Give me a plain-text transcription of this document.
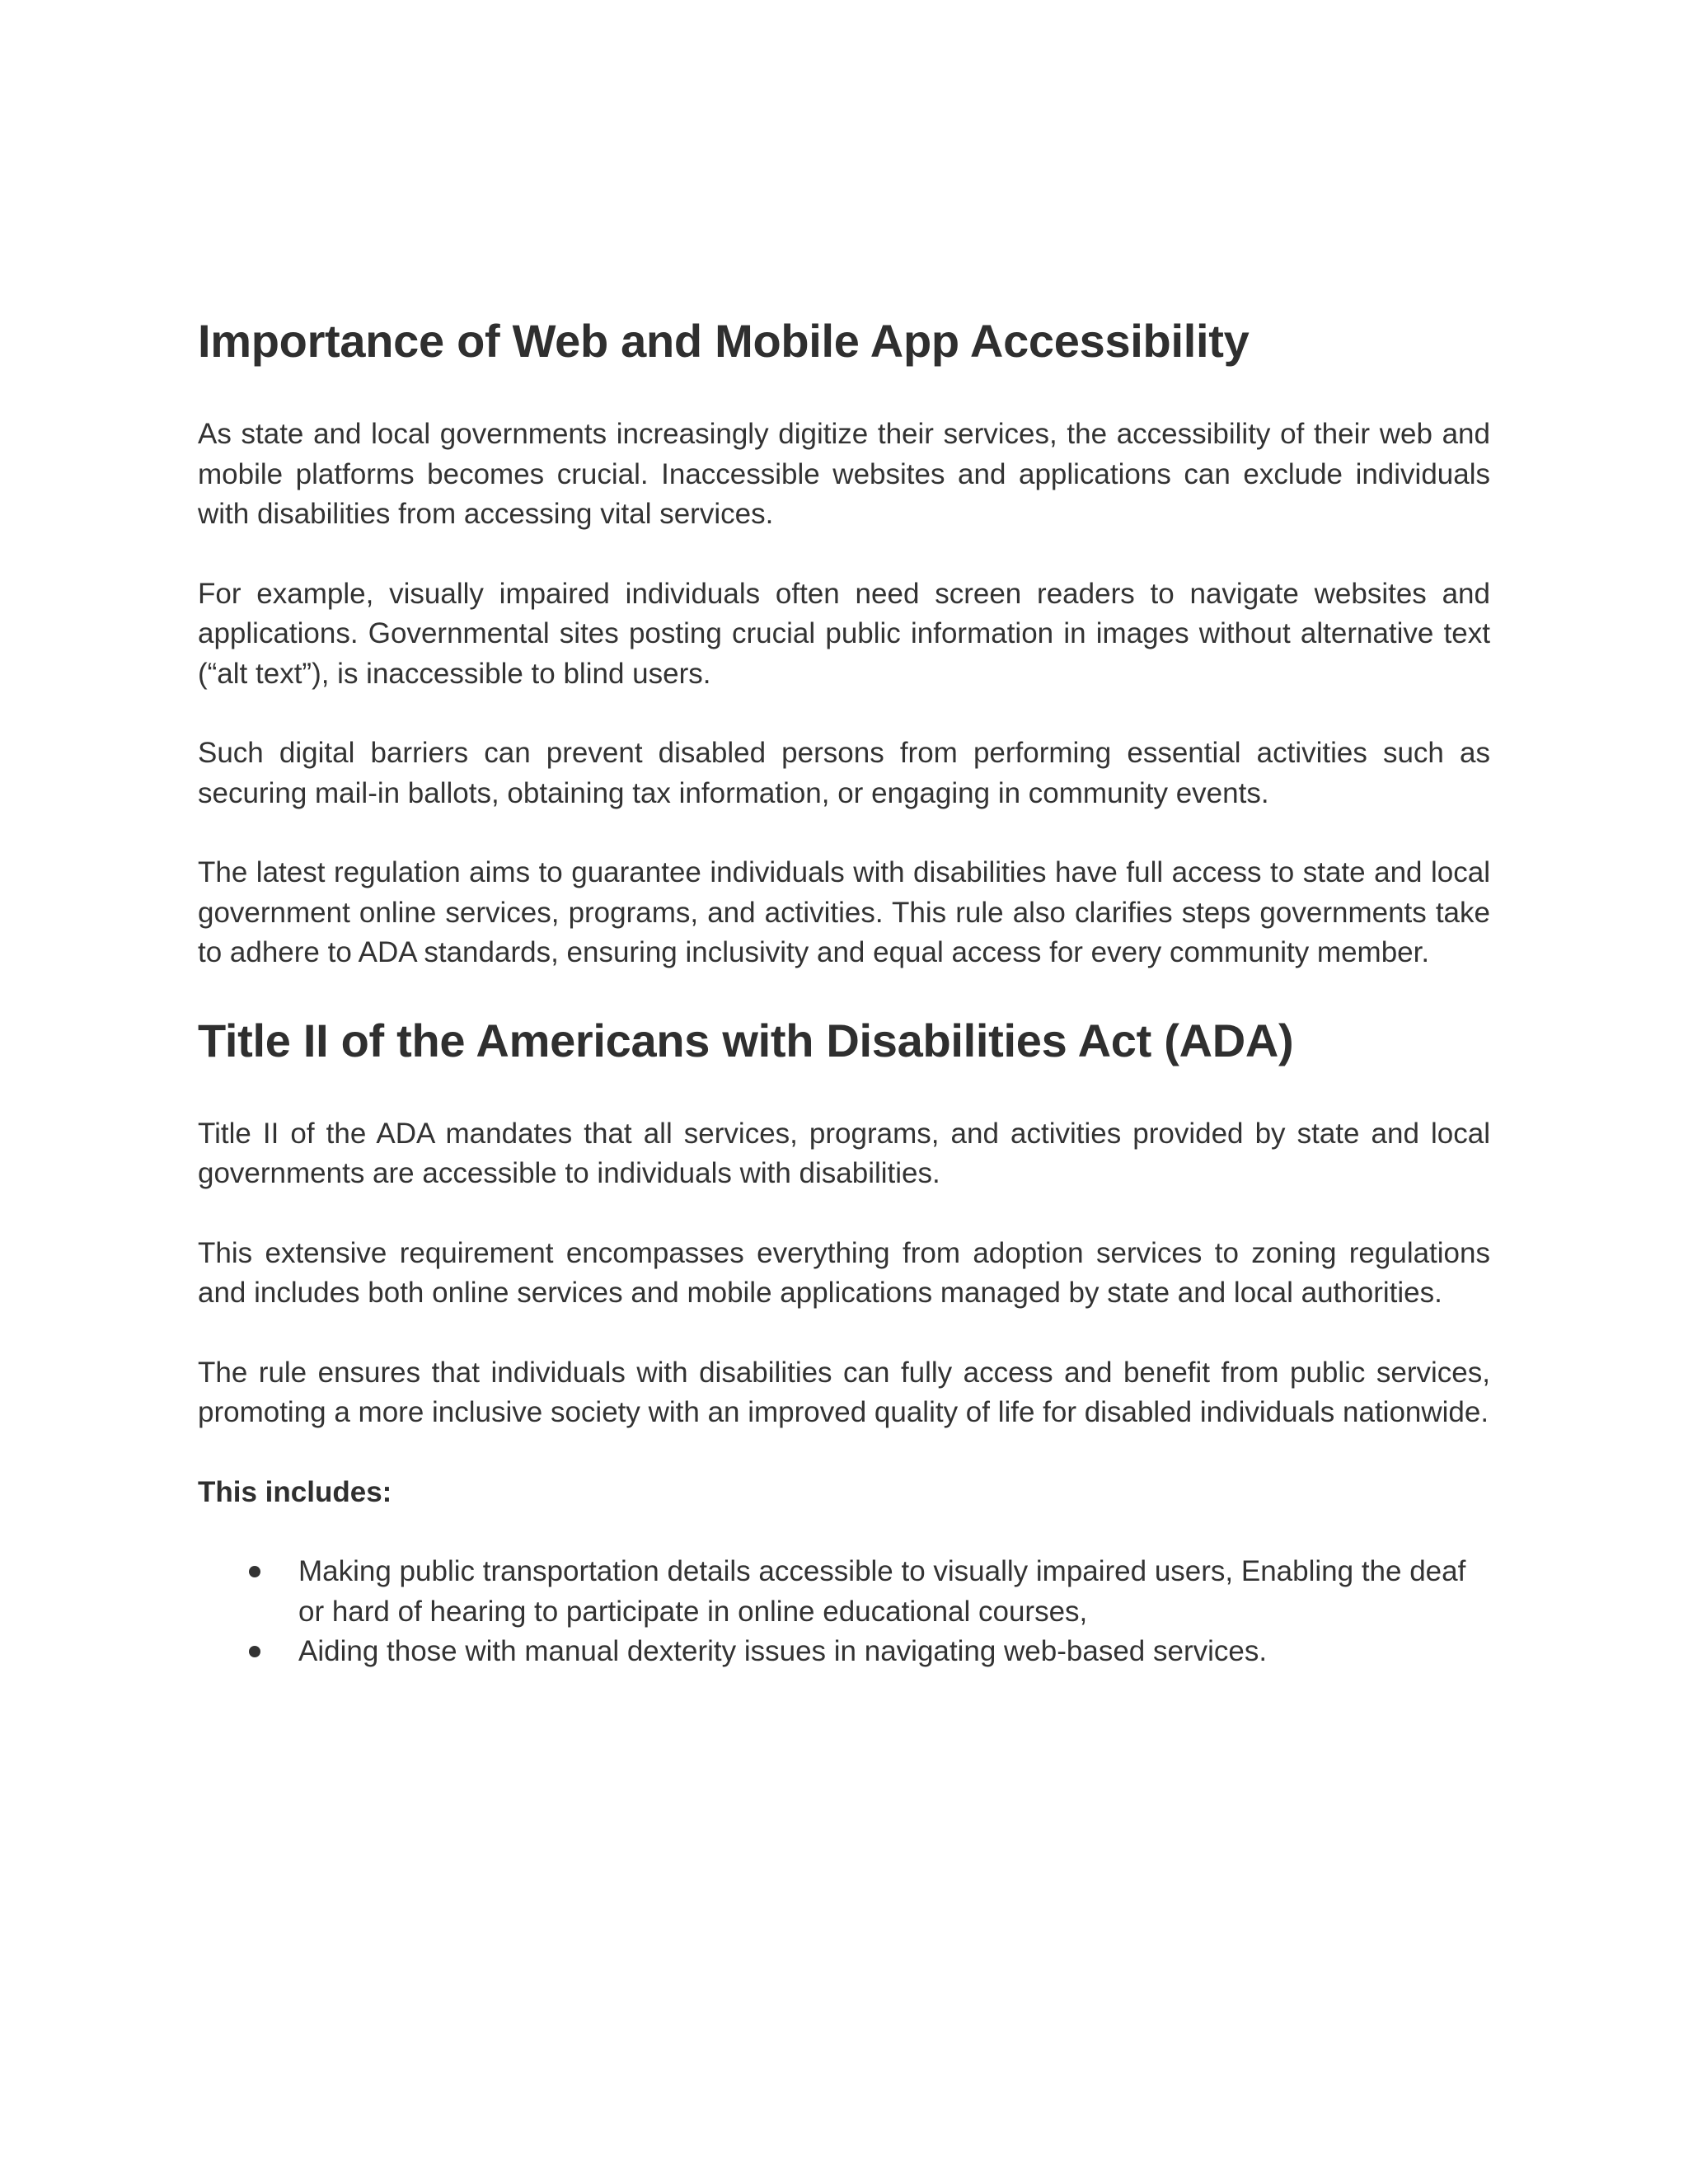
Importance of Web and Mobile App Accessibility

As state and local governments increasingly digitize their services, the accessibility of their web and mobile platforms becomes crucial. Inaccessible websites and applications can exclude individuals with disabilities from accessing vital services.

For example, visually impaired individuals often need screen readers to navigate websites and applications. Governmental sites posting crucial public information in images without alternative text (“alt text”), is inaccessible to blind users.

Such digital barriers can prevent disabled persons from performing essential activities such as securing mail-in ballots, obtaining tax information, or engaging in community events.

The latest regulation aims to guarantee individuals with disabilities have full access to state and local government online services, programs, and activities. This rule also clarifies steps governments take to adhere to ADA standards, ensuring inclusivity and equal access for every community member.

Title II of the Americans with Disabilities Act (ADA)

Title II of the ADA mandates that all services, programs, and activities provided by state and local governments are accessible to individuals with disabilities.

This extensive requirement encompasses everything from adoption services to zoning regulations and includes both online services and mobile applications managed by state and local authorities.

The rule ensures that individuals with disabilities can fully access and benefit from public services, promoting a more inclusive society with an improved quality of life for disabled individuals nationwide.

This includes:

Making public transportation details accessible to visually impaired users, Enabling the deaf or hard of hearing to participate in online educational courses,
Aiding those with manual dexterity issues in navigating web-based services.
